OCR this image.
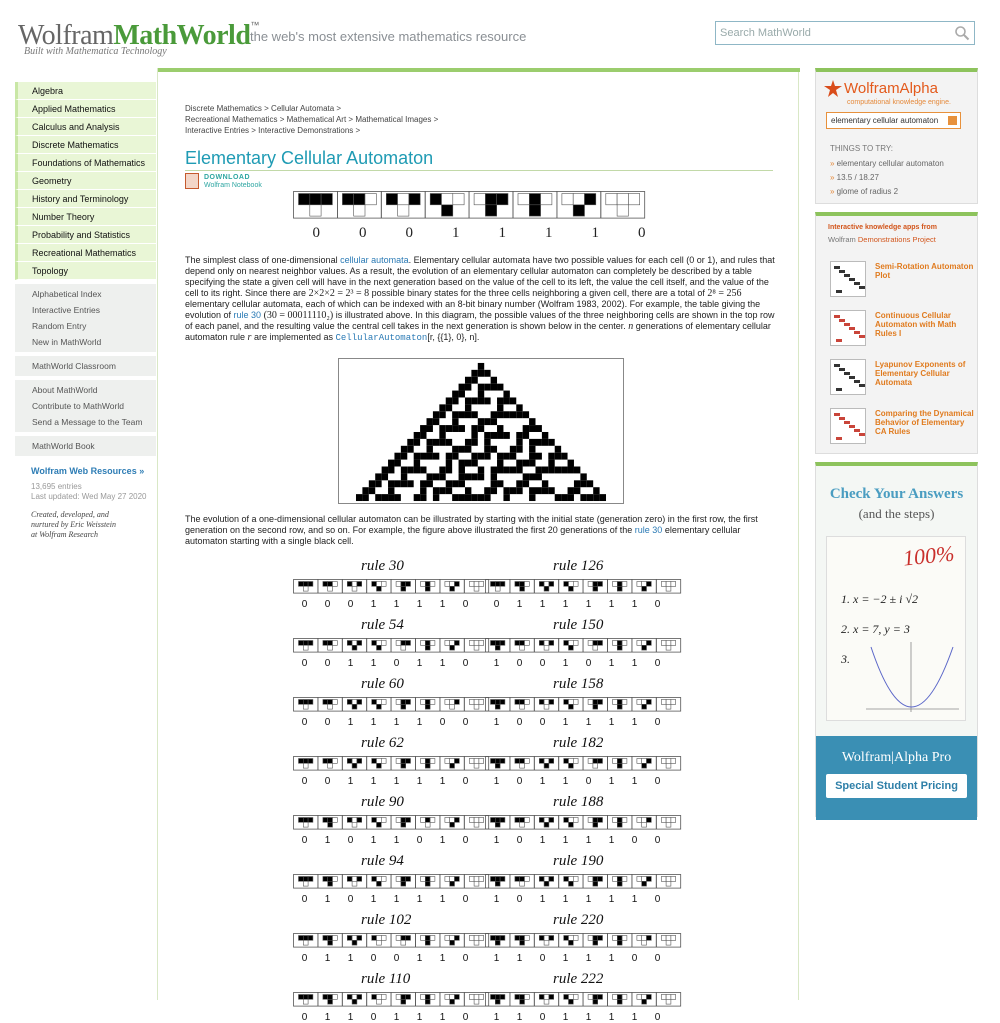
WolframMathWorld™
Built with Mathematica Technology
the web's most extensive mathematics resource
Search MathWorld
Algebra
Applied Mathematics
Calculus and Analysis
Discrete Mathematics
Foundations of Mathematics
Geometry
History and Terminology
Number Theory
Probability and Statistics
Recreational Mathematics
Topology
Alphabetical Index
Interactive Entries
Random Entry
New in MathWorld
MathWorld Classroom
About MathWorld
Contribute to MathWorld
Send a Message to the Team
MathWorld Book
Wolfram Web Resources »
13,695 entries
Last updated: Wed May 27 2020
Created, developed, and
nurtured by Eric Weisstein
at Wolfram Research
Discrete Mathematics > Cellular Automata >
Recreational Mathematics > Mathematical Art > Mathematical Images >
Interactive Entries > Interactive Demonstrations >
Elementary Cellular Automaton
DOWNLOAD
Wolfram Notebook
0	0	0	1	1	1	1	0
The simplest class of one-dimensional cellular automata. Elementary cellular automata have two possible values for each cell (0 or 1), and rules that depend only on nearest neighbor values. As a result, the evolution of an elementary cellular automaton can completely be described by a table specifying the state a given cell will have in the next generation based on the value of the cell to its left, the value the cell itself, and the value of the cell to its right. Since there are 2×2×2 = 2³ = 8 possible binary states for the three cells neighboring a given cell, there are a total of 2⁸ = 256 elementary cellular automata, each of which can be indexed with an 8-bit binary number (Wolfram 1983, 2002). For example, the table giving the evolution of rule 30 (30 = 00011110₂) is illustrated above. In this diagram, the possible values of the three neighboring cells are shown in the top row of each panel, and the resulting value the central cell takes in the next generation is shown below in the center. n generations of elementary cellular automaton rule r are implemented as CellularAutomaton[r, {{1}, 0}, n].
The evolution of a one-dimensional cellular automaton can be illustrated by starting with the initial state (generation zero) in the first row, the first generation on the second row, and so on. For example, the figure above illustrated the first 20 generations of the rule 30 elementary cellular automaton starting with a single black cell.
rule 30
0	0	0	1	1	1	1	0
rule 126
0	1	1	1	1	1	1	0
rule 54
0	0	1	1	0	1	1	0
rule 150
1	0	0	1	0	1	1	0
rule 60
0	0	1	1	1	1	0	0
rule 158
1	0	0	1	1	1	1	0
rule 62
0	0	1	1	1	1	1	0
rule 182
1	0	1	1	0	1	1	0
rule 90
0	1	0	1	1	0	1	0
rule 188
1	0	1	1	1	1	0	0
rule 94
0	1	0	1	1	1	1	0
rule 190
1	0	1	1	1	1	1	0
rule 102
0	1	1	0	0	1	1	0
rule 220
1	1	0	1	1	1	0	0
rule 110
0	1	1	0	1	1	1	0
rule 222
1	1	0	1	1	1	1	0
WolframAlpha
computational knowledge engine.
elementary cellular automaton
THINGS TO TRY:
» elementary cellular automaton
» 13.5 / 18.27
» glome of radius 2
Interactive knowledge apps from
Wolfram Demonstrations Project
Semi-Rotation Automaton Plot
Continuous Cellular Automaton with Math Rules I
Lyapunov Exponents of Elementary Cellular Automata
Comparing the Dynamical Behavior of Elementary CA Rules
Check Your Answers
(and the steps)
100%
1. x = −2 ± i √2
2. x = 7, y = 3
3.
Wolfram|Alpha Pro
Special Student Pricing
